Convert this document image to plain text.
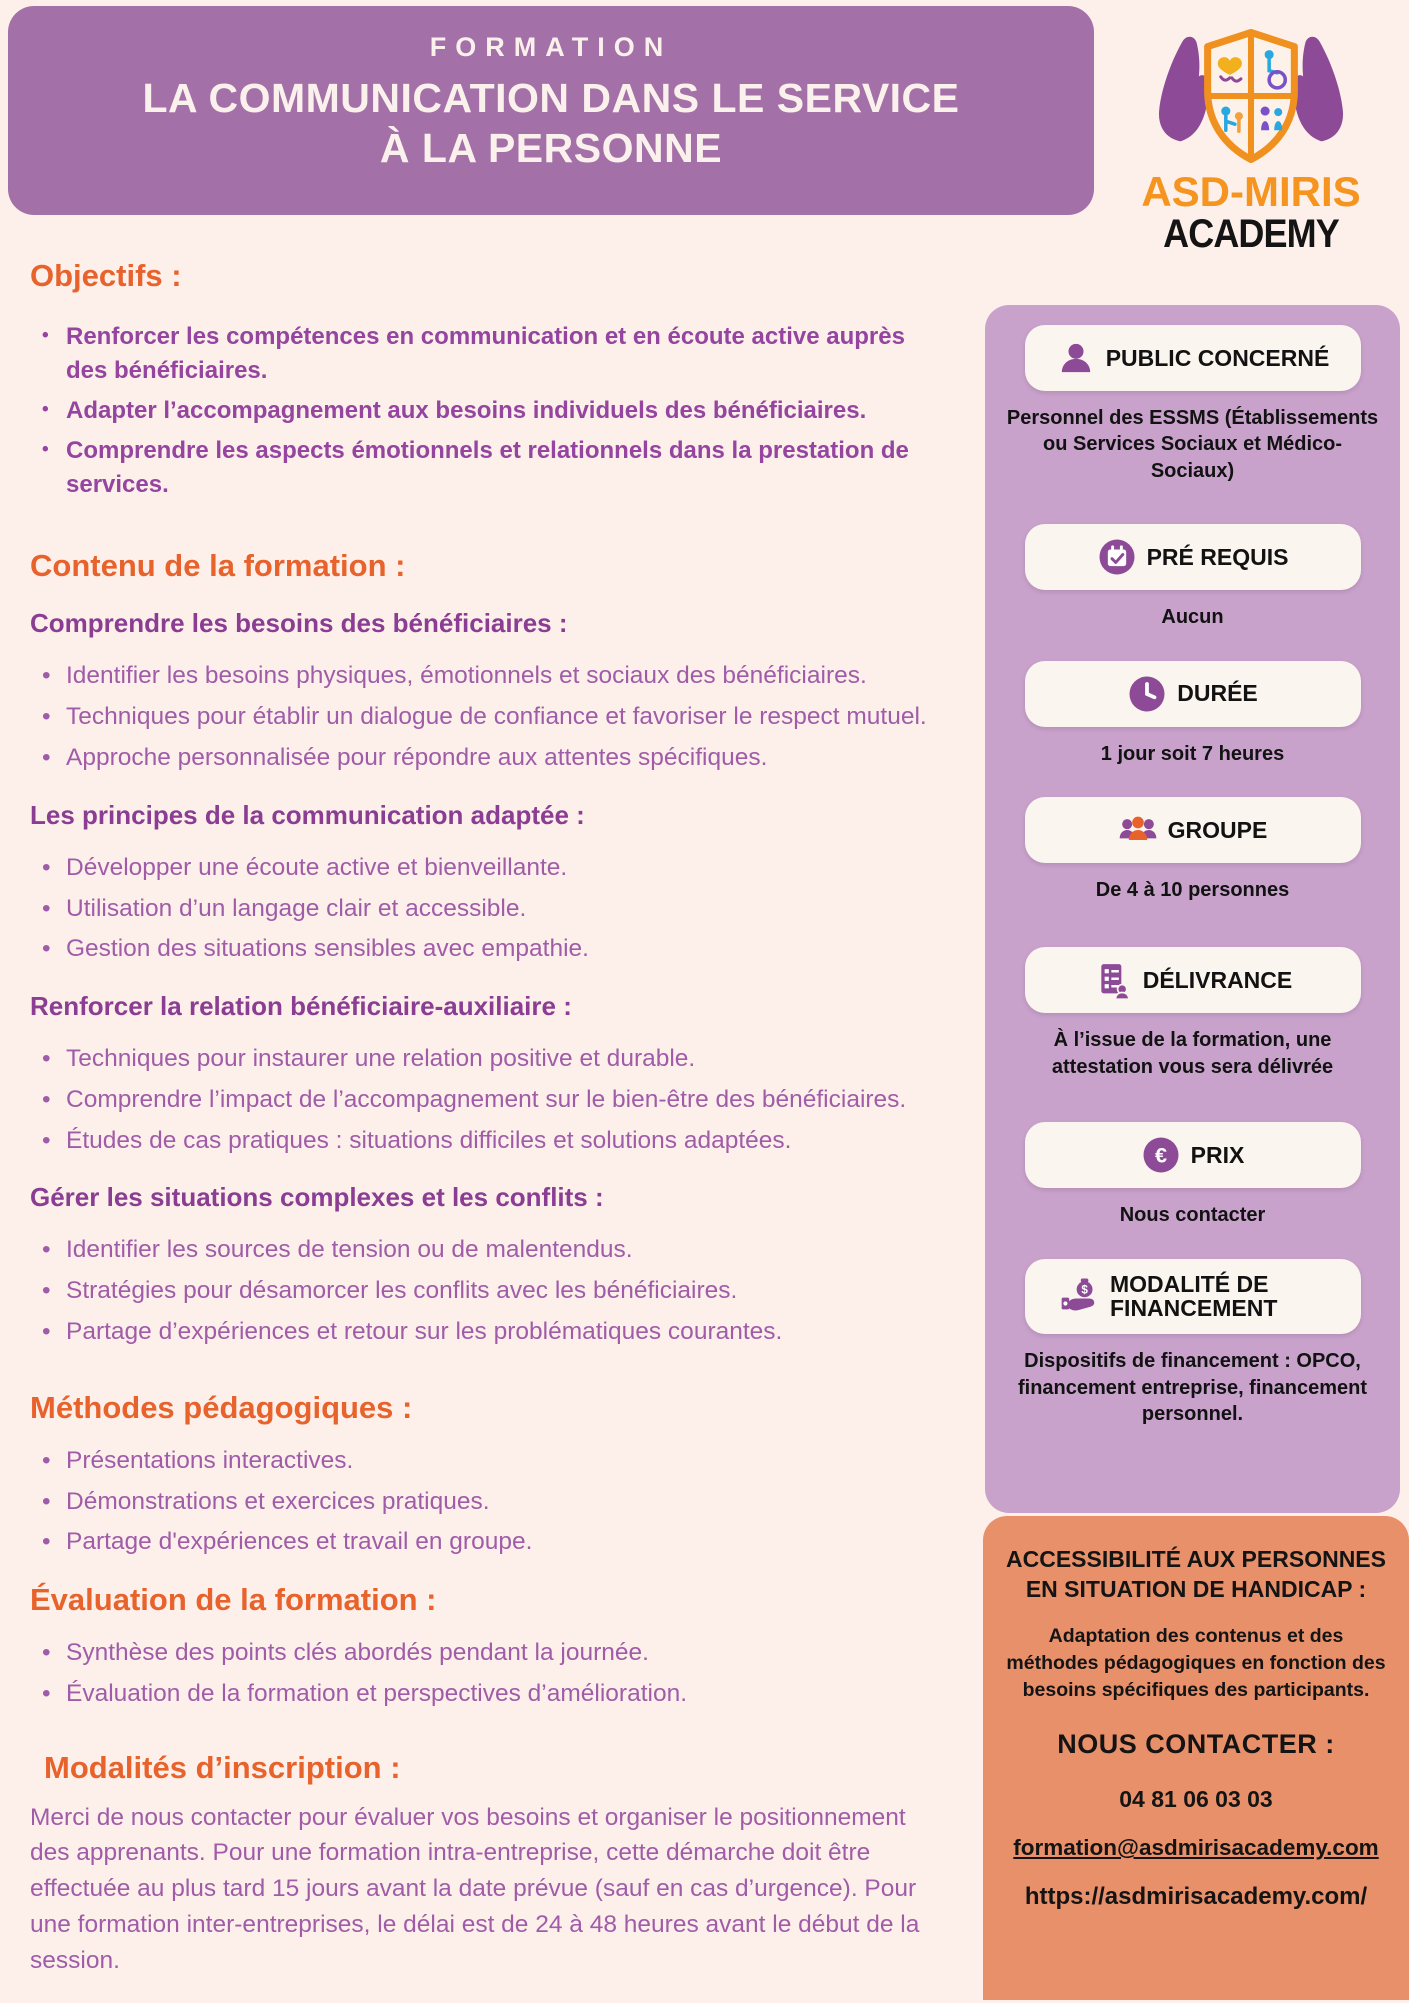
FORMATION
LA COMMUNICATION DANS LE SERVICE À LA PERSONNE
ASD-MIRIS
ACADEMY
Objectifs :
• Renforcer les compétences en communication et en écoute active auprès des bénéficiaires.
• Adapter l’accompagnement aux besoins individuels des bénéficiaires.
• Comprendre les aspects émotionnels et relationnels dans la prestation de services.
Contenu de la formation :
Comprendre les besoins des bénéficiaires :
• Identifier les besoins physiques, émotionnels et sociaux des bénéficiaires.
• Techniques pour établir un dialogue de confiance et favoriser le respect mutuel.
• Approche personnalisée pour répondre aux attentes spécifiques.
Les principes de la communication adaptée :
• Développer une écoute active et bienveillante.
• Utilisation d’un langage clair et accessible.
• Gestion des situations sensibles avec empathie.
Renforcer la relation bénéficiaire-auxiliaire :
• Techniques pour instaurer une relation positive et durable.
• Comprendre l’impact de l’accompagnement sur le bien-être des bénéficiaires.
• Études de cas pratiques : situations difficiles et solutions adaptées.
Gérer les situations complexes et les conflits :
• Identifier les sources de tension ou de malentendus.
• Stratégies pour désamorcer les conflits avec les bénéficiaires.
• Partage d’expériences et retour sur les problématiques courantes.
Méthodes pédagogiques :
• Présentations interactives.
• Démonstrations et exercices pratiques.
• Partage d'expériences et travail en groupe.
Évaluation de la formation :
• Synthèse des points clés abordés pendant la journée.
• Évaluation de la formation et perspectives d’amélioration.
Modalités d’inscription :

Merci de nous contacter pour évaluer vos besoins et organiser le positionnement des apprenants. Pour une formation intra-entreprise, cette démarche doit être effectuée au plus tard 15 jours avant la date prévue (sauf en cas d’urgence). Pour une formation inter-entreprises, le délai est de 24 à 48 heures avant le début de la session.

PUBLIC CONCERNÉ
Personnel des ESSMS (Établissements ou Services Sociaux et Médico-Sociaux)
PRÉ REQUIS
Aucun
DURÉE
1 jour soit 7 heures
GROUPE
De 4 à 10 personnes
DÉLIVRANCE
À l’issue de la formation, une attestation vous sera délivrée
€ PRIX
Nous contacter
$ MODALITÉ DE FINANCEMENT
Dispositifs de financement : OPCO, financement entreprise, financement personnel.
ACCESSIBILITÉ AUX PERSONNES EN SITUATION DE HANDICAP :
Adaptation des contenus et des méthodes pédagogiques en fonction des besoins spécifiques des participants.
NOUS CONTACTER :
04 81 06 03 03
formation@asdmirisacademy.com
https://asdmirisacademy.com/
